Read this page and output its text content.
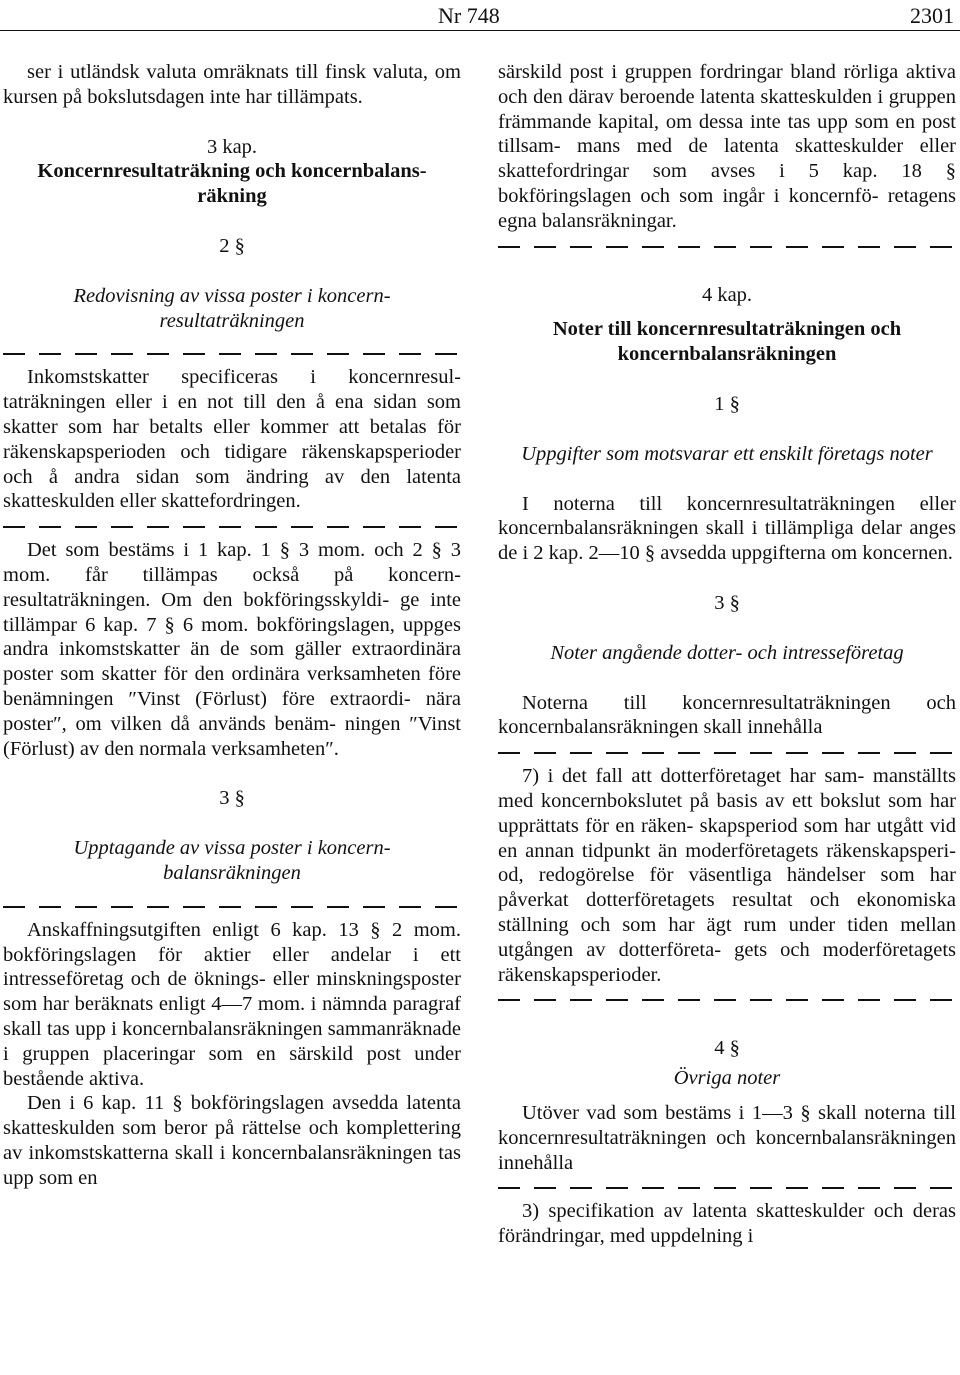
Nr 748	2301

ser i utländsk valuta omräknats till finsk valuta, om kursen på bokslutsdagen inte har tillämpats.

3 kap.

Koncernresultaträkning och koncernbalans- räkning

2 §

Redovisning av vissa poster i koncern- resultaträkningen

Inkomstskatter specificeras i koncernresul- taträkningen eller i en not till den å ena sidan som skatter som har betalts eller kommer att betalas för räkenskapsperioden och tidigare räkenskapsperioder och å andra sidan som ändring av den latenta skatteskulden eller skattefordringen.

Det som bestäms i 1 kap. 1 § 3 mom. och 2 § 3 mom. får tillämpas också på koncern- resultaträkningen. Om den bokföringsskyldi- ge inte tillämpar 6 kap. 7 § 6 mom. bokföringslagen, uppges andra inkomstskatter än de som gäller extraordinära poster som skatter för den ordinära verksamheten före benämningen ″Vinst (Förlust) före extraordi- nära poster″, om vilken då används benäm- ningen ″Vinst (Förlust) av den normala verksamheten″.

3 §

Upptagande av vissa poster i koncern- balansräkningen

Anskaffningsutgiften enligt 6 kap. 13 § 2 mom. bokföringslagen för aktier eller andelar i ett intresseföretag och de öknings- eller minskningsposter som har beräknats enligt 4—7 mom. i nämnda paragraf skall tas upp i koncernbalansräkningen sammanräknade i gruppen placeringar som en särskild post under bestående aktiva.

Den i 6 kap. 11 § bokföringslagen avsedda latenta skatteskulden som beror på rättelse och komplettering av inkomstskatterna skall i koncernbalansräkningen tas upp som en

särskild post i gruppen fordringar bland rörliga aktiva och den därav beroende latenta skatteskulden i gruppen främmande kapital, om dessa inte tas upp som en post tillsam- mans med de latenta skatteskulder eller skattefordringar som avses i 5 kap. 18 § bokföringslagen och som ingår i koncernfö- retagens egna balansräkningar.

4 kap.

Noter till koncernresultaträkningen och koncernbalansräkningen

1 §

Uppgifter som motsvarar ett enskilt företags noter

I noterna till koncernresultaträkningen eller koncernbalansräkningen skall i tillämpliga delar anges de i 2 kap. 2—10 § avsedda uppgifterna om koncernen.

3 §

Noter angående dotter- och intresseföretag

Noterna till koncernresultaträkningen och koncernbalansräkningen skall innehålla

7) i det fall att dotterföretaget har sam- manställts med koncernbokslutet på basis av ett bokslut som har upprättats för en räken- skapsperiod som har utgått vid en annan tidpunkt än moderföretagets räkenskapsperi- od, redogörelse för väsentliga händelser som har påverkat dotterföretagets resultat och ekonomiska ställning och som har ägt rum under tiden mellan utgången av dotterföreta- gets och moderföretagets räkenskapsperioder.

4 §

Övriga noter

Utöver vad som bestäms i 1—3 § skall noterna till koncernresultaträkningen och koncernbalansräkningen innehålla

3) specifikation av latenta skatteskulder och deras förändringar, med uppdelning i
